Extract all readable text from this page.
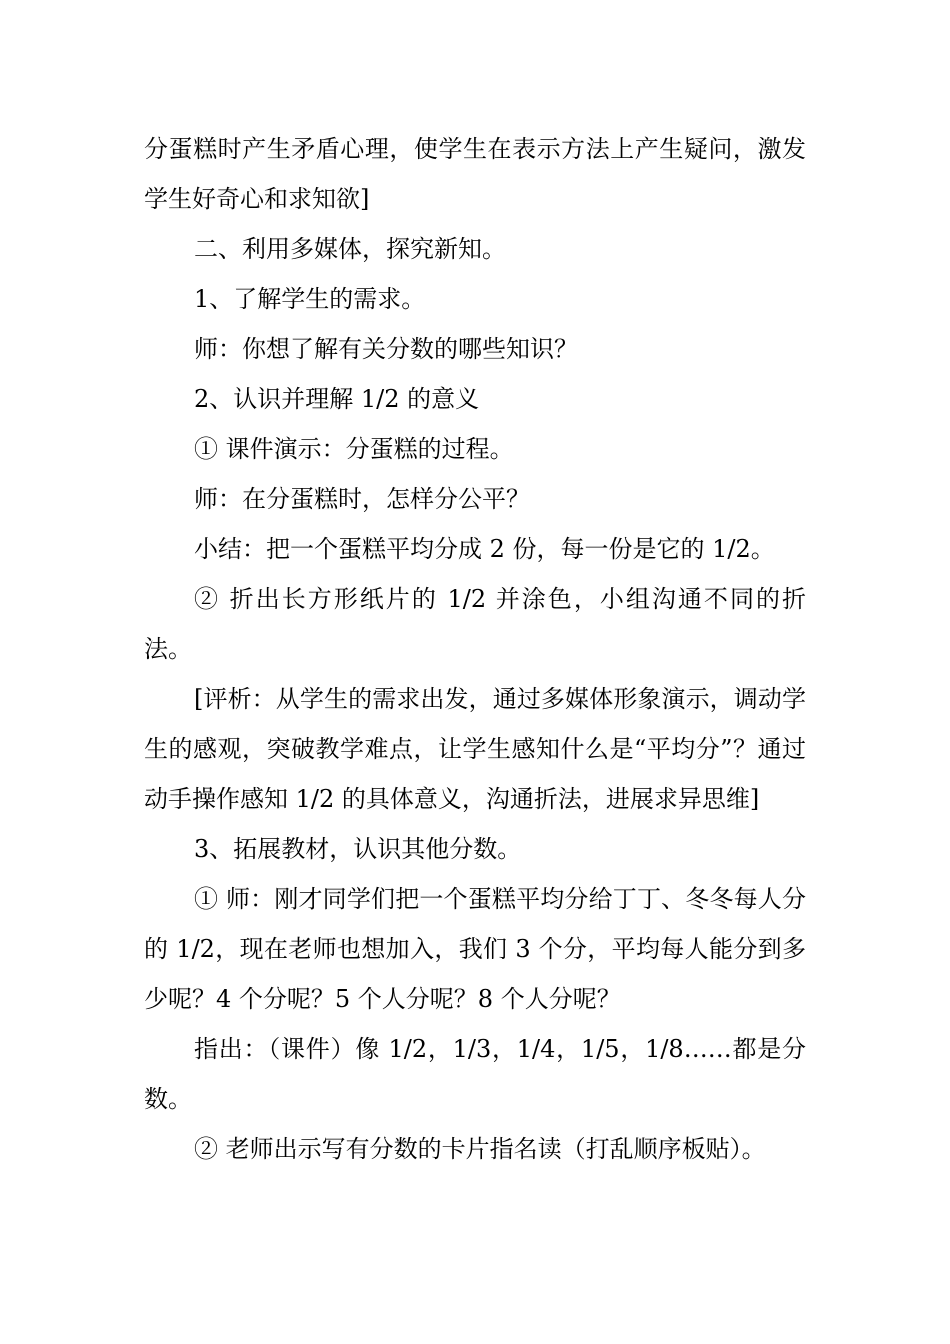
分蛋糕时产生矛盾心理，使学生在表示方法上产生疑问，激发学生好奇心和求知欲]

二、利用多媒体，探究新知。

1、了解学生的需求。

师：你想了解有关分数的哪些知识？

2、认识并理解 1/2 的意义

① 课件演示：分蛋糕的过程。

师：在分蛋糕时，怎样分公平？

小结：把一个蛋糕平均分成 2 份，每一份是它的 1/2。

② 折出长方形纸片的 1/2 并涂色，小组沟通不同的折法。

[评析：从学生的需求出发，通过多媒体形象演示，调动学生的感观，突破教学难点，让学生感知什么是“平均分”？通过动手操作感知 1/2 的具体意义，沟通折法，进展求异思维]

3、拓展教材，认识其他分数。

① 师：刚才同学们把一个蛋糕平均分给丁丁、冬冬每人分的 1/2，现在老师也想加入，我们 3 个分，平均每人能分到多少呢？4 个分呢？5 个人分呢？8 个人分呢？

指出：（课件）像 1/2，1/3，1/4，1/5，1/8……都是分数。

② 老师出示写有分数的卡片指名读（打乱顺序板贴）。
